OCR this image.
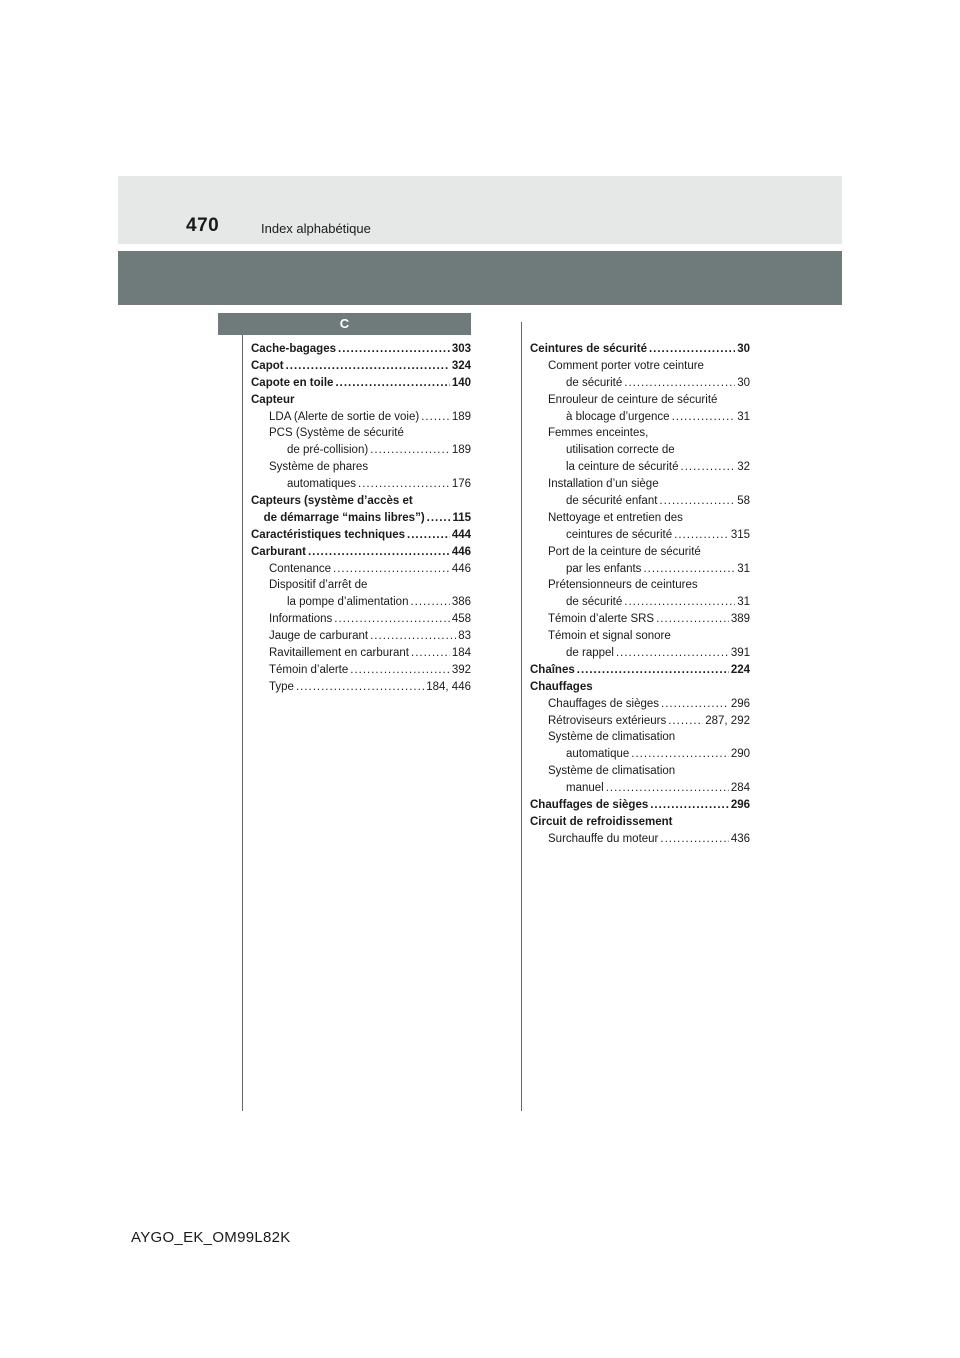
470	Index alphabétique
C
Cache-bagages .....	303
Capot .....	324
Capote en toile .....	140
Capteur
LDA (Alerte de sortie de voie) .....	189
PCS (Système de sécurité
de pré-collision) .....	189
Système de phares
automatiques .....	176
Capteurs (système d’accès et
de démarrage “mains libres”) ..... 115
Caractéristiques techniques .....	444
Carburant .....	446
Contenance .....	446
Dispositif d’arrêt de
la pompe d’alimentation .....	386
Informations .....	458
Jauge de carburant .....	83
Ravitaillement en carburant .....	184
Témoin d’alerte .....	392
Type .....	184, 446
Ceintures de sécurité .....	30
Comment porter votre ceinture
de sécurité .....	30
Enrouleur de ceinture de sécurité
à blocage d’urgence .....	31
Femmes enceintes,
utilisation correcte de
la ceinture de sécurité .....	32
Installation d’un siège
de sécurité enfant .....	58
Nettoyage et entretien des
ceintures de sécurité .....	315
Port de la ceinture de sécurité
par les enfants .....	31
Prétensionneurs de ceintures
de sécurité .....	31
Témoin d’alerte SRS .....	389
Témoin et signal sonore
de rappel .....	391
Chaînes .....	224
Chauffages
Chauffages de sièges .....	296
Rétroviseurs extérieurs .....	287, 292
Système de climatisation
automatique .....	290
Système de climatisation
manuel .....	284
Chauffages de sièges .....	296
Circuit de refroidissement
Surchauffe du moteur .....	436
AYGO_EK_OM99L82K
